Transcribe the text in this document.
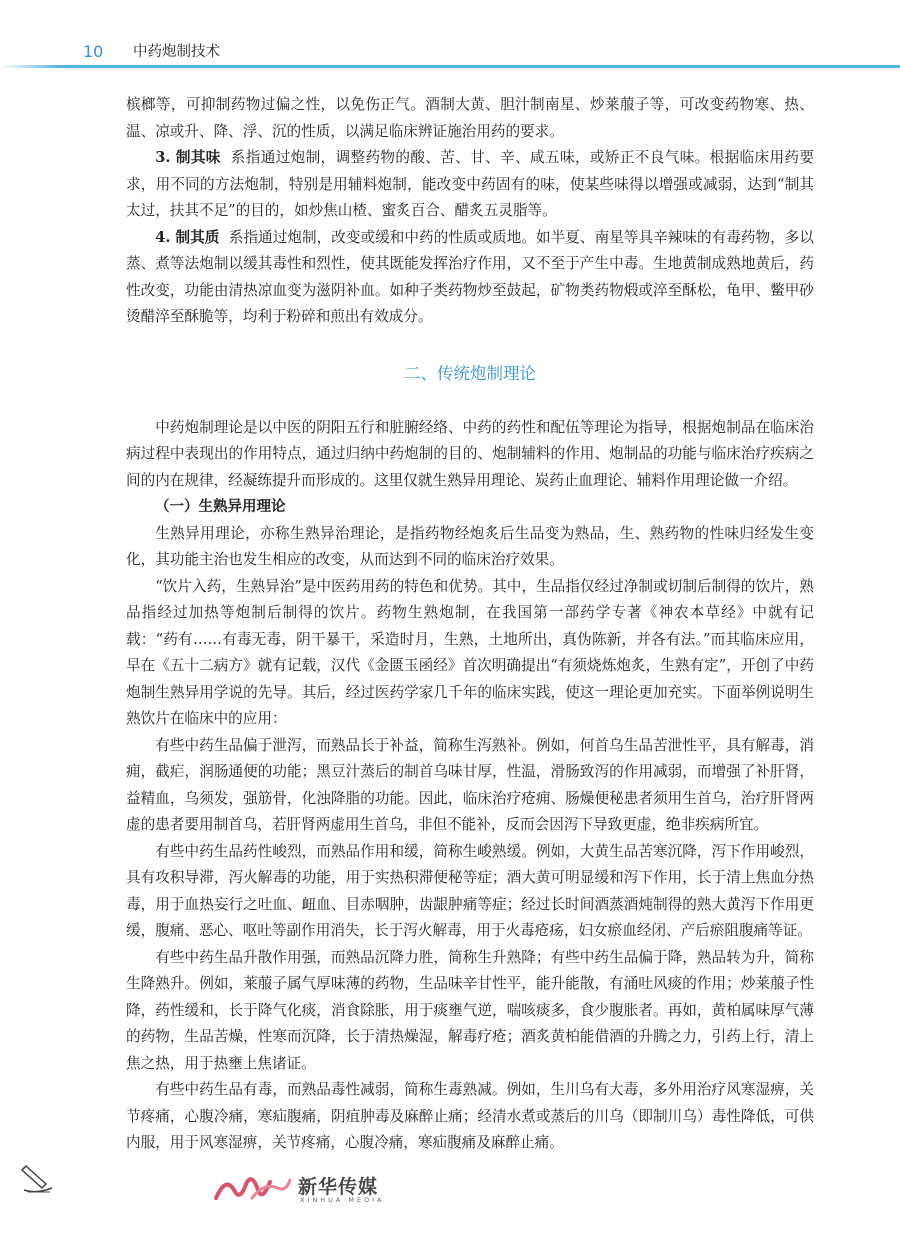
10 中药炮制技术

槟榔等，可抑制药物过偏之性，以免伤正气。酒制大黄、胆汁制南星、炒莱菔子等，可改变药物寒、热、温、凉或升、降、浮、沉的性质，以满足临床辨证施治用药的要求。

3. 制其味 系指通过炮制，调整药物的酸、苦、甘、辛、咸五味，或矫正不良气味。根据临床用药要求，用不同的方法炮制，特别是用辅料炮制，能改变中药固有的味，使某些味得以增强或减弱，达到“制其太过，扶其不足”的目的，如炒焦山楂、蜜炙百合、醋炙五灵脂等。

4. 制其质 系指通过炮制，改变或缓和中药的性质或质地。如半夏、南星等具辛辣味的有毒药物，多以蒸、煮等法炮制以缓其毒性和烈性，使其既能发挥治疗作用，又不至于产生中毒。生地黄制成熟地黄后，药性改变，功能由清热凉血变为滋阴补血。如种子类药物炒至鼓起，矿物类药物煅或淬至酥松，龟甲、鳖甲砂烫醋淬至酥脆等，均利于粉碎和煎出有效成分。

二、传统炮制理论

中药炮制理论是以中医的阴阳五行和脏腑经络、中药的药性和配伍等理论为指导，根据炮制品在临床治病过程中表现出的作用特点，通过归纳中药炮制的目的、炮制辅料的作用、炮制品的功能与临床治疗疾病之间的内在规律，经凝练提升而形成的。这里仅就生熟异用理论、炭药止血理论、辅料作用理论做一介绍。

（一）生熟异用理论

生熟异用理论，亦称生熟异治理论，是指药物经炮炙后生品变为熟品，生、熟药物的性味归经发生变化，其功能主治也发生相应的改变，从而达到不同的临床治疗效果。

“饮片入药，生熟异治”是中医药用药的特色和优势。其中，生品指仅经过净制或切制后制得的饮片，熟品指经过加热等炮制后制得的饮片。药物生熟炮制，在我国第一部药学专著《神农本草经》中就有记载：“药有……有毒无毒，阴干暴干，采造时月，生熟，土地所出，真伪陈新，并各有法。”而其临床应用，早在《五十二病方》就有记载，汉代《金匮玉函经》首次明确提出“有须烧炼炮炙，生熟有定”，开创了中药炮制生熟异用学说的先导。其后，经过医药学家几千年的临床实践，使这一理论更加充实。下面举例说明生熟饮片在临床中的应用：

有些中药生品偏于泄泻，而熟品长于补益，简称生泻熟补。例如，何首乌生品苦泄性平，具有解毒，消痈，截疟，润肠通便的功能；黑豆汁蒸后的制首乌味甘厚，性温，滑肠致泻的作用减弱，而增强了补肝肾，益精血，乌须发，强筋骨，化浊降脂的功能。因此，临床治疗疮痈、肠燥便秘患者须用生首乌，治疗肝肾两虚的患者要用制首乌，若肝肾两虚用生首乌，非但不能补，反而会因泻下导致更虚，绝非疾病所宜。

有些中药生品药性峻烈，而熟品作用和缓，简称生峻熟缓。例如，大黄生品苦寒沉降，泻下作用峻烈，具有攻积导滞，泻火解毒的功能，用于实热积滞便秘等症；酒大黄可明显缓和泻下作用，长于清上焦血分热毒，用于血热妄行之吐血、衄血、目赤咽肿，齿龈肿痛等症；经过长时间酒蒸酒炖制得的熟大黄泻下作用更缓，腹痛、恶心、呕吐等副作用消失，长于泻火解毒，用于火毒疮疡，妇女瘀血经闭、产后瘀阻腹痛等证。

有些中药生品升散作用强，而熟品沉降力胜，简称生升熟降；有些中药生品偏于降，熟品转为升，简称生降熟升。例如，莱菔子属气厚味薄的药物，生品味辛甘性平，能升能散，有涌吐风痰的作用；炒莱菔子性降，药性缓和，长于降气化痰，消食除胀，用于痰壅气逆，喘咳痰多，食少腹胀者。再如，黄柏属味厚气薄的药物，生品苦燥，性寒而沉降，长于清热燥湿，解毒疗疮；酒炙黄柏能借酒的升腾之力，引药上行，清上焦之热，用于热壅上焦诸证。

有些中药生品有毒，而熟品毒性减弱，简称生毒熟减。例如，生川乌有大毒，多外用治疗风寒湿痹，关节疼痛，心腹冷痛，寒疝腹痛，阴疽肿毒及麻醉止痛；经清水煮或蒸后的川乌（即制川乌）毒性降低，可供内服，用于风寒湿痹，关节疼痛，心腹冷痛，寒疝腹痛及麻醉止痛。

新华传媒
XINHUA MEDIA
